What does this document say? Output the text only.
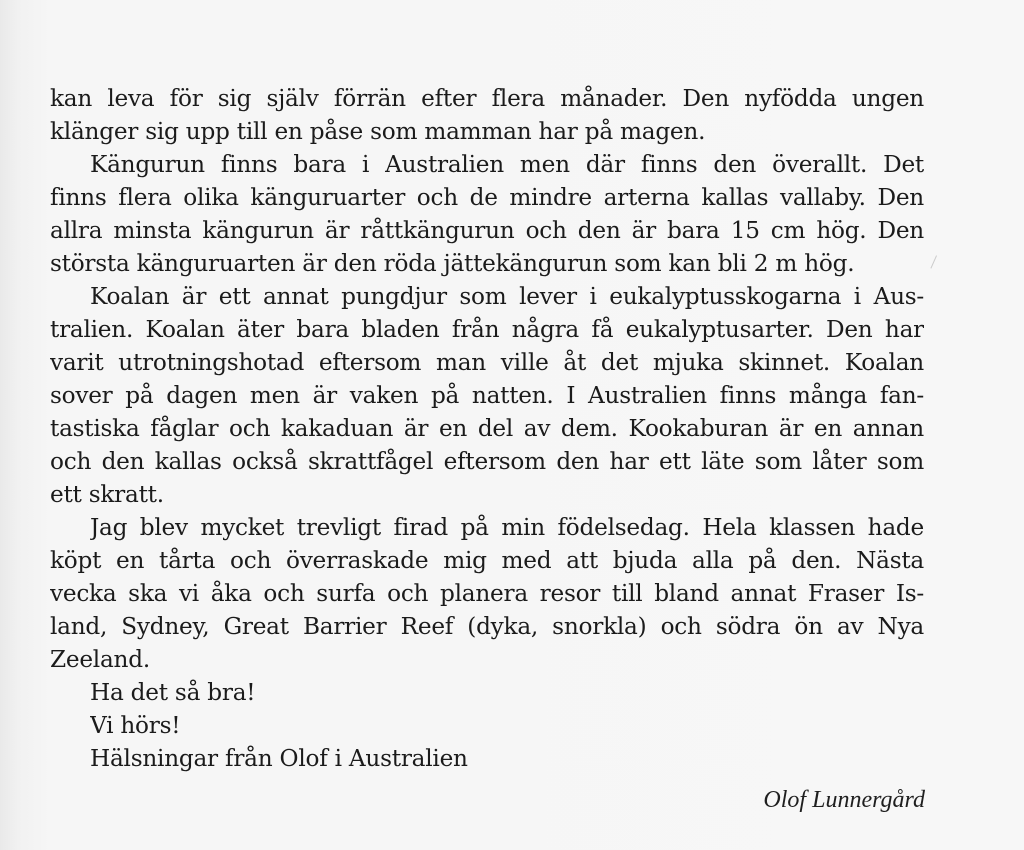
kan leva för sig själv förrän efter flera månader. Den nyfödda ungen
klänger sig upp till en påse som mamman har på magen.
Kängurun finns bara i Australien men där finns den överallt. Det
finns flera olika känguruarter och de mindre arterna kallas vallaby. Den
allra minsta kängurun är råttkängurun och den är bara 15 cm hög. Den
största känguruarten är den röda jättekängurun som kan bli 2 m hög.
Koalan är ett annat pungdjur som lever i eukalyptusskogarna i Aus-
tralien. Koalan äter bara bladen från några få eukalyptusarter. Den har
varit utrotningshotad eftersom man ville åt det mjuka skinnet. Koalan
sover på dagen men är vaken på natten. I Australien finns många fan-
tastiska fåglar och kakaduan är en del av dem. Kookaburan är en annan
och den kallas också skrattfågel eftersom den har ett läte som låter som
ett skratt.
Jag blev mycket trevligt firad på min födelsedag. Hela klassen hade
köpt en tårta och överraskade mig med att bjuda alla på den. Nästa
vecka ska vi åka och surfa och planera resor till bland annat Fraser Is-
land, Sydney, Great Barrier Reef (dyka, snorkla) och södra ön av Nya
Zeeland.
Ha det så bra!
Vi hörs!
Hälsningar från Olof i Australien
Olof Lunnergård
